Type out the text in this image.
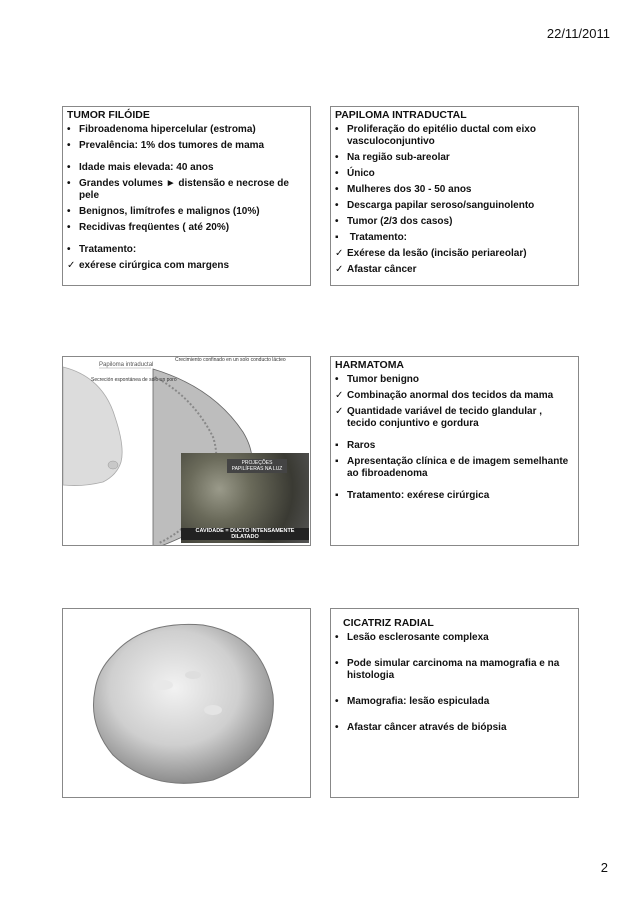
22/11/2011
TUMOR FILÓIDE
• Fibroadenoma hipercelular (estroma)
• Prevalência: 1% dos tumores de mama
• Idade mais elevada: 40 anos
• Grandes volumes ► distensão e necrose de pele
• Benignos, limítrofes e malignos (10%)
• Recidivas freqüentes ( até 20%)
• Tratamento:
✓ exérese cirúrgica com margens
PAPILOMA INTRADUCTAL
• Proliferação do epitélio ductal com eixo vasculoconjuntivo
• Na região sub-areolar
• Único
• Mulheres dos 30 - 50 anos
• Descarga papilar seroso/sanguinolento
• Tumor (2/3 dos casos)
▪ Tratamento:
✓ Exérese da lesão (incisão periareolar)
✓ Afastar câncer
Papiloma intraductal
Secreción espontánea de sólo un poro
Crecimiento confinado en un solo conducto lácteo
PROJEÇÕES PAPILÍFERAS NA LUZ
CAVIDADE = DUCTO INTENSAMENTE DILATADO
HARMATOMA
• Tumor benigno
✓ Combinação anormal dos tecidos da mama
✓ Quantidade variável de tecido glandular , tecido conjuntivo e gordura
▪ Raros
▪ Apresentação clínica e de imagem semelhante ao fibroadenoma
▪ Tratamento: exérese cirúrgica
CICATRIZ RADIAL
• Lesão esclerosante complexa
• Pode simular carcinoma na mamografia e na histologia
• Mamografia: lesão espiculada
• Afastar câncer através de biópsia
2
